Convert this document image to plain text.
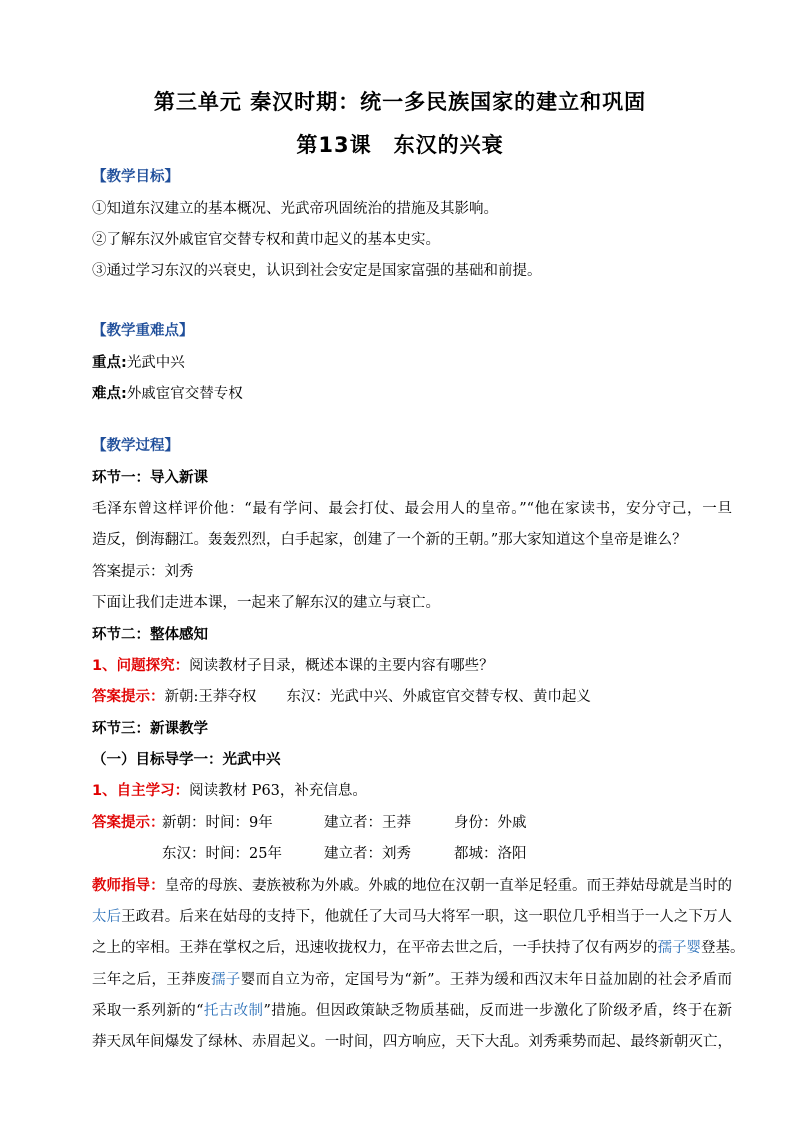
第三单元 秦汉时期：统一多民族国家的建立和巩固
第13课 东汉的兴衰
【教学目标】
①知道东汉建立的基本概况、光武帝巩固统治的措施及其影响。
②了解东汉外戚宦官交替专权和黄巾起义的基本史实。
③通过学习东汉的兴衰史，认识到社会安定是国家富强的基础和前提。
【教学重难点】
重点:光武中兴
难点:外戚宦官交替专权
【教学过程】
环节一：导入新课
毛泽东曾这样评价他：“最有学问、最会打仗、最会用人的皇帝。”“他在家读书，安分守己，一旦
造反，倒海翻江。轰轰烈烈，白手起家，创建了一个新的王朝。”那大家知道这个皇帝是谁么？
答案提示：刘秀
下面让我们走进本课，一起来了解东汉的建立与衰亡。
环节二：整体感知
1、问题探究：阅读教材子目录，概述本课的主要内容有哪些？
答案提示：新朝:王莽夺权 东汉：光武中兴、外戚宦官交替专权、黄巾起义
环节三：新课教学
（一）目标导学一：光武中兴
1、自主学习：阅读教材 P63，补充信息。
答案提示：
新朝：时间：9年	建立者：王莽	身份：外戚
东汉：时间：25年	建立者：刘秀	都城：洛阳
教师指导：皇帝的母族、妻族被称为外戚。外戚的地位在汉朝一直举足轻重。而王莽姑母就是当时的
太后王政君。后来在姑母的支持下，他就任了大司马大将军一职，这一职位几乎相当于一人之下万人
之上的宰相。王莽在掌权之后，迅速收拢权力，在平帝去世之后，一手扶持了仅有两岁的孺子婴登基。
三年之后，王莽废孺子婴而自立为帝，定国号为“新”。王莽为缓和西汉末年日益加剧的社会矛盾而
采取一系列新的“托古改制”措施。但因政策缺乏物质基础，反而进一步激化了阶级矛盾，终于在新
莽天凤年间爆发了绿林、赤眉起义。一时间，四方响应，天下大乱。刘秀乘势而起、最终新朝灭亡，
